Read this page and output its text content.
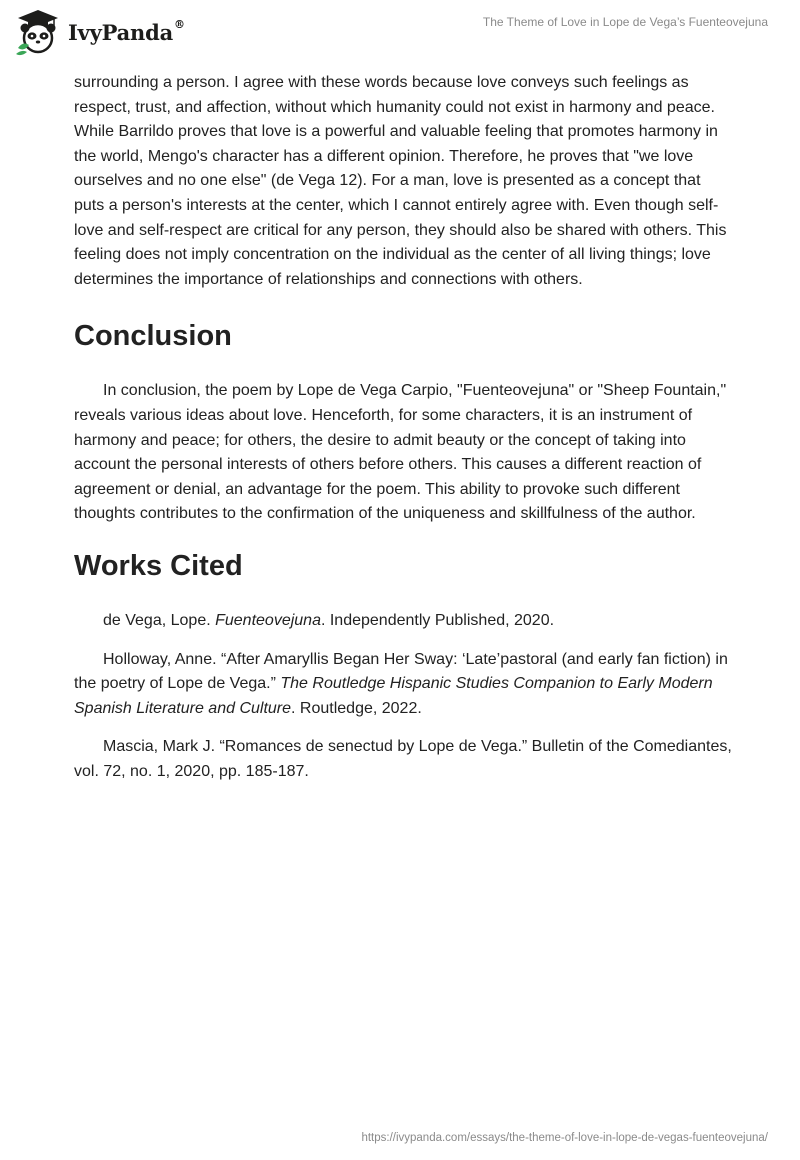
IvyPanda®	The Theme of Love in Lope de Vega’s Fuenteovejuna

surrounding a person. I agree with these words because love conveys such feelings as respect, trust, and affection, without which humanity could not exist in harmony and peace. While Barrildo proves that love is a powerful and valuable feeling that promotes harmony in the world, Mengo's character has a different opinion. Therefore, he proves that "we love ourselves and no one else" (de Vega 12). For a man, love is presented as a concept that puts a person's interests at the center, which I cannot entirely agree with. Even though self-love and self-respect are critical for any person, they should also be shared with others. This feeling does not imply concentration on the individual as the center of all living things; love determines the importance of relationships and connections with others.

Conclusion

In conclusion, the poem by Lope de Vega Carpio, "Fuenteovejuna" or "Sheep Fountain," reveals various ideas about love. Henceforth, for some characters, it is an instrument of harmony and peace; for others, the desire to admit beauty or the concept of taking into account the personal interests of others before others. This causes a different reaction of agreement or denial, an advantage for the poem. This ability to provoke such different thoughts contributes to the confirmation of the uniqueness and skillfulness of the author.

Works Cited

de Vega, Lope. Fuenteovejuna. Independently Published, 2020.

Holloway, Anne. “After Amaryllis Began Her Sway: ‘Late’pastoral (and early fan fiction) in the poetry of Lope de Vega.” The Routledge Hispanic Studies Companion to Early Modern Spanish Literature and Culture. Routledge, 2022.

Mascia, Mark J. “Romances de senectud by Lope de Vega.” Bulletin of the Comediantes, vol. 72, no. 1, 2020, pp. 185-187.

https://ivypanda.com/essays/the-theme-of-love-in-lope-de-vegas-fuenteovejuna/
